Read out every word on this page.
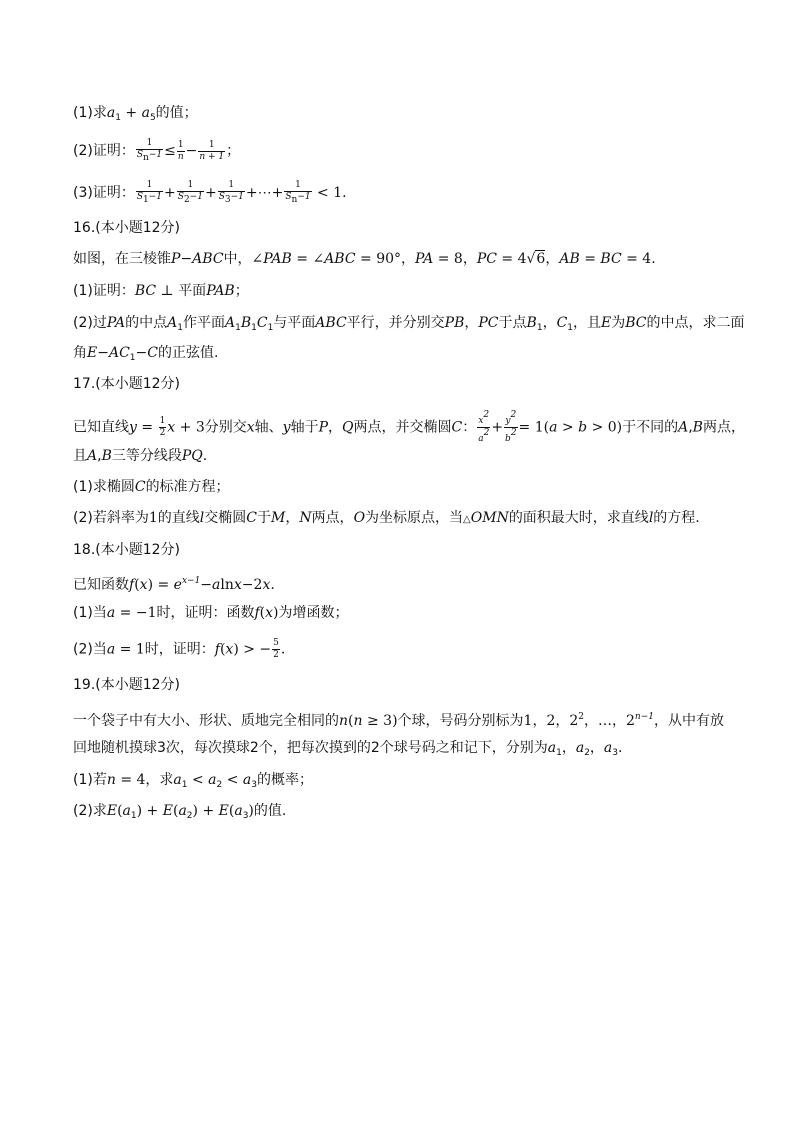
(1)求$a_1 + a_5$的值；
(2)证明： $\frac{1}{Sn-1} \le \frac{1}{n} - \frac{1}{n + 1}$ ；
(3)证明： $\frac{1}{S1-1} + \frac{1}{S2-1} + \frac{1}{S3-1}$ +⋯+ $\frac{1}{Sn-1} < 1$.
16.(本小题12分)
如图，在三棱锥P−ABC中，∠PAB = ∠ABC = 90°，PA = 8，PC = 4√6，AB = BC = 4.
(1)证明：BC ⊥ 平面PAB；
(2)过PA的中点$A_1$作平面$A_1B_1C_1$与平面ABC平行，并分别交PB，PC于点$B_1$，$C_1$，且E为BC的中点，求二面
角$E-AC_1-C$的正弦值.
17.(本小题12分)
已知直线$y = \frac{1}{2}$ x + 3分别交x轴、y轴于P，Q两点，并交椭圆C： $\frac{x2}{a2} + \frac{y2}{b2} = 1(a > b > 0)$于不同的A,B两点，
且A,B三等分线段PQ.
(1)求椭圆C的标准方程；
(2)若斜率为1的直线l交椭圆C于M，N两点，O为坐标原点，当△OMN的面积最大时，求直线l的方程.
18.(本小题12分)
已知函数$f(x) = e^{x-1}-alnx-2x$.
(1)当a = −1时，证明：函数f(x)为增函数；
(2)当a = 1时，证明：f(x) > − $\frac{5}{2}$ .
19.(本小题12分)
一个袋子中有大小、形状、质地完全相同的n(n ≥ 3)个球，号码分别标为1，2，$2^2$，…，$2^{n-1}$，从中有放
回地随机摸球3次，每次摸球2个，把每次摸到的2个球号码之和记下，分别为$a_1$，$a_2$，$a_3$.
(1)若n = 4，求$a_1 < a_2 < a_3$的概率；
(2)求$E(a_1) + E(a_2) + E(a_3)$的值.
